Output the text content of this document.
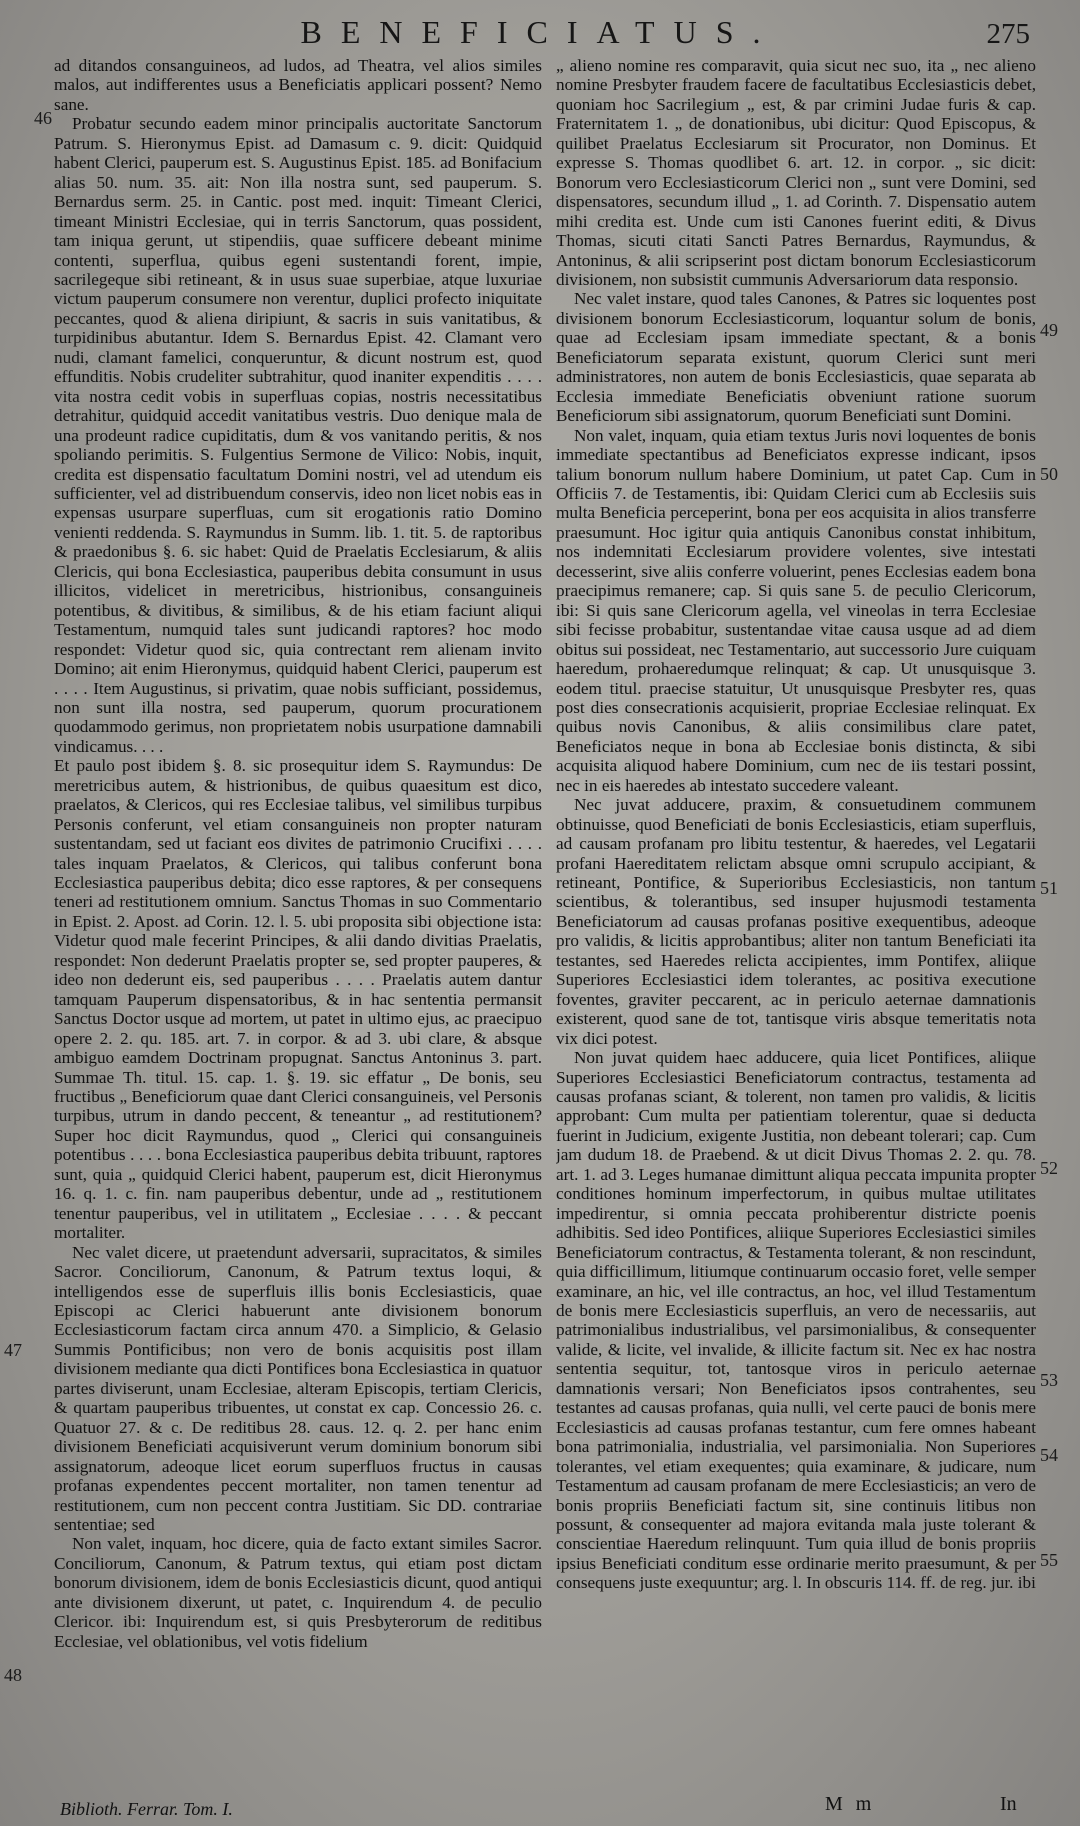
BENEFICIATUS.	275

ad ditandos consanguineos, ad ludos, ad Theatra, vel alios similes malos, aut indifferentes usus a Beneficiatis applicari possent? Nemo sane.

Probatur secundo eadem minor principalis auctoritate Sanctorum Patrum. S. Hieronymus Epist. ad Damasum c. 9. dicit: Quidquid habent Clerici, pauperum est. S. Augustinus Epist. 185. ad Bonifacium alias 50. num. 35. ait: Non illa nostra sunt, sed pauperum. S. Bernardus serm. 25. in Cantic. post med. inquit: Timeant Clerici, timeant Ministri Ecclesiae, qui in terris Sanctorum, quas possident, tam iniqua gerunt, ut stipendiis, quae sufficere debeant minime contenti, superflua, quibus egeni sustentandi forent, impie, sacrilegeque sibi retineant, & in usus suae superbiae, atque luxuriae victum pauperum consumere non verentur, duplici profecto iniquitate peccantes, quod & aliena diripiunt, & sacris in suis vanitatibus, & turpidinibus abutantur. Idem S. Bernardus Epist. 42. Clamant vero nudi, clamant famelici, conqueruntur, & dicunt nostrum est, quod effunditis. Nobis crudeliter subtrahitur, quod inaniter expenditis . . . . vita nostra cedit vobis in superfluas copias, nostris necessitatibus detrahitur, quidquid accedit vanitatibus vestris. Duo denique mala de una prodeunt radice cupiditatis, dum & vos vanitando peritis, & nos spoliando perimitis. S. Fulgentius Sermone de Vilico: Nobis, inquit, credita est dispensatio facultatum Domini nostri, vel ad utendum eis sufficienter, vel ad distribuendum conservis, ideo non licet nobis eas in expensas usurpare superfluas, cum sit erogationis ratio Domino venienti reddenda. S. Raymundus in Summ. lib. 1. tit. 5. de raptoribus & praedonibus §. 6. sic habet: Quid de Praelatis Ecclesiarum, & aliis Clericis, qui bona Ecclesiastica, pauperibus debita consumunt in usus illicitos, videlicet in meretricibus, histrionibus, consanguineis potentibus, & divitibus, & similibus, & de his etiam faciunt aliqui Testamentum, numquid tales sunt judicandi raptores? hoc modo respondet: Videtur quod sic, quia contrectant rem alienam invito Domino; ait enim Hieronymus, quidquid habent Clerici, pauperum est . . . . Item Augustinus, si privatim, quae nobis sufficiant, possidemus, non sunt illa nostra, sed pauperum, quorum procurationem quodammodo gerimus, non proprietatem nobis usurpatione damnabili vindicamus. . . .

Et paulo post ibidem §. 8. sic prosequitur idem S. Raymundus: De meretricibus autem, & histrionibus, de quibus quaesitum est dico, praelatos, & Clericos, qui res Ecclesiae talibus, vel similibus turpibus Personis conferunt, vel etiam consanguineis non propter naturam sustentandam, sed ut faciant eos divites de patrimonio Crucifixi . . . . tales inquam Praelatos, & Clericos, qui talibus conferunt bona Ecclesiastica pauperibus debita; dico esse raptores, & per consequens teneri ad restitutionem omnium. Sanctus Thomas in suo Commentario in Epist. 2. Apost. ad Corin. 12. l. 5. ubi proposita sibi objectione ista: Videtur quod male fecerint Principes, & alii dando divitias Praelatis, respondet: Non dederunt Praelatis propter se, sed propter pauperes, & ideo non dederunt eis, sed pauperibus . . . . Praelatis autem dantur tamquam Pauperum dispensatoribus, & in hac sententia permansit Sanctus Doctor usque ad mortem, ut patet in ultimo ejus, ac praecipuo opere 2. 2. qu. 185. art. 7. in corpor. & ad 3. ubi clare, & absque ambiguo eamdem Doctrinam propugnat. Sanctus Antoninus 3. part. Summae Th. titul. 15. cap. 1. §. 19. sic effatur „ De bonis, seu fructibus „ Beneficiorum quae dant Clerici consanguineis, vel Personis turpibus, utrum in dando peccent, & teneantur „ ad restitutionem? Super hoc dicit Raymundus, quod „ Clerici qui consanguineis potentibus . . . . bona Ecclesiastica pauperibus debita tribuunt, raptores sunt, quia „ quidquid Clerici habent, pauperum est, dicit Hieronymus 16. q. 1. c. fin. nam pauperibus debentur, unde ad „ restitutionem tenentur pauperibus, vel in utilitatem „ Ecclesiae . . . . & peccant mortaliter.

Nec valet dicere, ut praetendunt adversarii, supracitatos, & similes Sacror. Conciliorum, Canonum, & Patrum textus loqui, & intelligendos esse de superfluis illis bonis Ecclesiasticis, quae Episcopi ac Clerici habuerunt ante divisionem bonorum Ecclesiasticorum factam circa annum 470. a Simplicio, & Gelasio Summis Pontificibus; non vero de bonis acquisitis post illam divisionem mediante qua dicti Pontifices bona Ecclesiastica in quatuor partes diviserunt, unam Ecclesiae, alteram Episcopis, tertiam Clericis, & quartam pauperibus tribuentes, ut constat ex cap. Concessio 26. c. Quatuor 27. & c. De reditibus 28. caus. 12. q. 2. per hanc enim divisionem Beneficiati acquisiverunt verum dominium bonorum sibi assignatorum, adeoque licet eorum superfluos fructus in causas profanas expendentes peccent mortaliter, non tamen tenentur ad restitutionem, cum non peccent contra Justitiam. Sic DD. contrariae sententiae; sed

Non valet, inquam, hoc dicere, quia de facto extant similes Sacror. Conciliorum, Canonum, & Patrum textus, qui etiam post dictam bonorum divisionem, idem de bonis Ecclesiasticis dicunt, quod antiqui ante divisionem dixerunt, ut patet, c. Inquirendum 4. de peculio Clericor. ibi: Inquirendum est, si quis Presbyterorum de reditibus Ecclesiae, vel oblationibus, vel votis fidelium

„ alieno nomine res comparavit, quia sicut nec suo, ita „ nec alieno nomine Presbyter fraudem facere de facultatibus Ecclesiasticis debet, quoniam hoc Sacrilegium „ est, & par crimini Judae furis & cap. Fraternitatem 1. „ de donationibus, ubi dicitur: Quod Episcopus, & quilibet Praelatus Ecclesiarum sit Procurator, non Dominus. Et expresse S. Thomas quodlibet 6. art. 12. in corpor. „ sic dicit: Bonorum vero Ecclesiasticorum Clerici non „ sunt vere Domini, sed dispensatores, secundum illud „ 1. ad Corinth. 7. Dispensatio autem mihi credita est. Unde cum isti Canones fuerint editi, & Divus Thomas, sicuti citati Sancti Patres Bernardus, Raymundus, & Antoninus, & alii scripserint post dictam bonorum Ecclesiasticorum divisionem, non subsistit cummunis Adversariorum data responsio.

Nec valet instare, quod tales Canones, & Patres sic loquentes post divisionem bonorum Ecclesiasticorum, loquantur solum de bonis, quae ad Ecclesiam ipsam immediate spectant, & a bonis Beneficiatorum separata existunt, quorum Clerici sunt meri administratores, non autem de bonis Ecclesiasticis, quae separata ab Ecclesia immediate Beneficiatis obveniunt ratione suorum Beneficiorum sibi assignatorum, quorum Beneficiati sunt Domini.

Non valet, inquam, quia etiam textus Juris novi loquentes de bonis immediate spectantibus ad Beneficiatos expresse indicant, ipsos talium bonorum nullum habere Dominium, ut patet Cap. Cum in Officiis 7. de Testamentis, ibi: Quidam Clerici cum ab Ecclesiis suis multa Beneficia perceperint, bona per eos acquisita in alios transferre praesumunt. Hoc igitur quia antiquis Canonibus constat inhibitum, nos indemnitati Ecclesiarum providere volentes, sive intestati decesserint, sive aliis conferre voluerint, penes Ecclesias eadem bona praecipimus remanere; cap. Si quis sane 5. de peculio Clericorum, ibi: Si quis sane Clericorum agella, vel vineolas in terra Ecclesiae sibi fecisse probabitur, sustentandae vitae causa usque ad ad diem obitus sui possideat, nec Testamentario, aut successorio Jure cuiquam haeredum, prohaeredumque relinquat; & cap. Ut unusquisque 3. eodem titul. praecise statuitur, Ut unusquisque Presbyter res, quas post dies consecrationis acquisierit, propriae Ecclesiae relinquat. Ex quibus novis Canonibus, & aliis consimilibus clare patet, Beneficiatos neque in bona ab Ecclesiae bonis distincta, & sibi acquisita aliquod habere Dominium, cum nec de iis testari possint, nec in eis haeredes ab intestato succedere valeant.

Nec juvat adducere, praxim, & consuetudinem communem obtinuisse, quod Beneficiati de bonis Ecclesiasticis, etiam superfluis, ad causam profanam pro libitu testentur, & haeredes, vel Legatarii profani Haereditatem relictam absque omni scrupulo accipiant, & retineant, Pontifice, & Superioribus Ecclesiasticis, non tantum scientibus, & tolerantibus, sed insuper hujusmodi testamenta Beneficiatorum ad causas profanas positive exequentibus, adeoque pro validis, & licitis approbantibus; aliter non tantum Beneficiati ita testantes, sed Haeredes relicta accipientes, imm Pontifex, aliique Superiores Ecclesiastici idem tolerantes, ac positiva executione foventes, graviter peccarent, ac in periculo aeternae damnationis existerent, quod sane de tot, tantisque viris absque temeritatis nota vix dici potest.

Non juvat quidem haec adducere, quia licet Pontifices, aliique Superiores Ecclesiastici Beneficiatorum contractus, testamenta ad causas profanas sciant, & tolerent, non tamen pro validis, & licitis approbant: Cum multa per patientiam tolerentur, quae si deducta fuerint in Judicium, exigente Justitia, non debeant tolerari; cap. Cum jam dudum 18. de Praebend. & ut dicit Divus Thomas 2. 2. qu. 78. art. 1. ad 3. Leges humanae dimittunt aliqua peccata impunita propter conditiones hominum imperfectorum, in quibus multae utilitates impedirentur, si omnia peccata prohiberentur districte poenis adhibitis. Sed ideo Pontifices, aliique Superiores Ecclesiastici similes Beneficiatorum contractus, & Testamenta tolerant, & non rescindunt, quia difficillimum, litiumque continuarum occasio foret, velle semper examinare, an hic, vel ille contractus, an hoc, vel illud Testamentum de bonis mere Ecclesiasticis superfluis, an vero de necessariis, aut patrimonialibus industrialibus, vel parsimonialibus, & consequenter valide, & licite, vel invalide, & illicite factum sit. Nec ex hac nostra sententia sequitur, tot, tantosque viros in periculo aeternae damnationis versari; Non Beneficiatos ipsos contrahentes, seu testantes ad causas profanas, quia nulli, vel certe pauci de bonis mere Ecclesiasticis ad causas profanas testantur, cum fere omnes habeant bona patrimonialia, industrialia, vel parsimonialia. Non Superiores tolerantes, vel etiam exequentes; quia examinare, & judicare, num Testamentum ad causam profanam de mere Ecclesiasticis; an vero de bonis propriis Beneficiati factum sit, sine continuis litibus non possunt, & consequenter ad majora evitanda mala juste tolerant & conscientiae Haeredum relinquunt. Tum quia illud de bonis propriis ipsius Beneficiati conditum esse ordinarie merito praesumunt, & per consequens juste exequuntur; arg. l. In obscuris 114. ff. de reg. jur. ibi

46
47
48
49
50
51
52
53
54
55
Biblioth. Ferrar. Tom. I.	M m	In
